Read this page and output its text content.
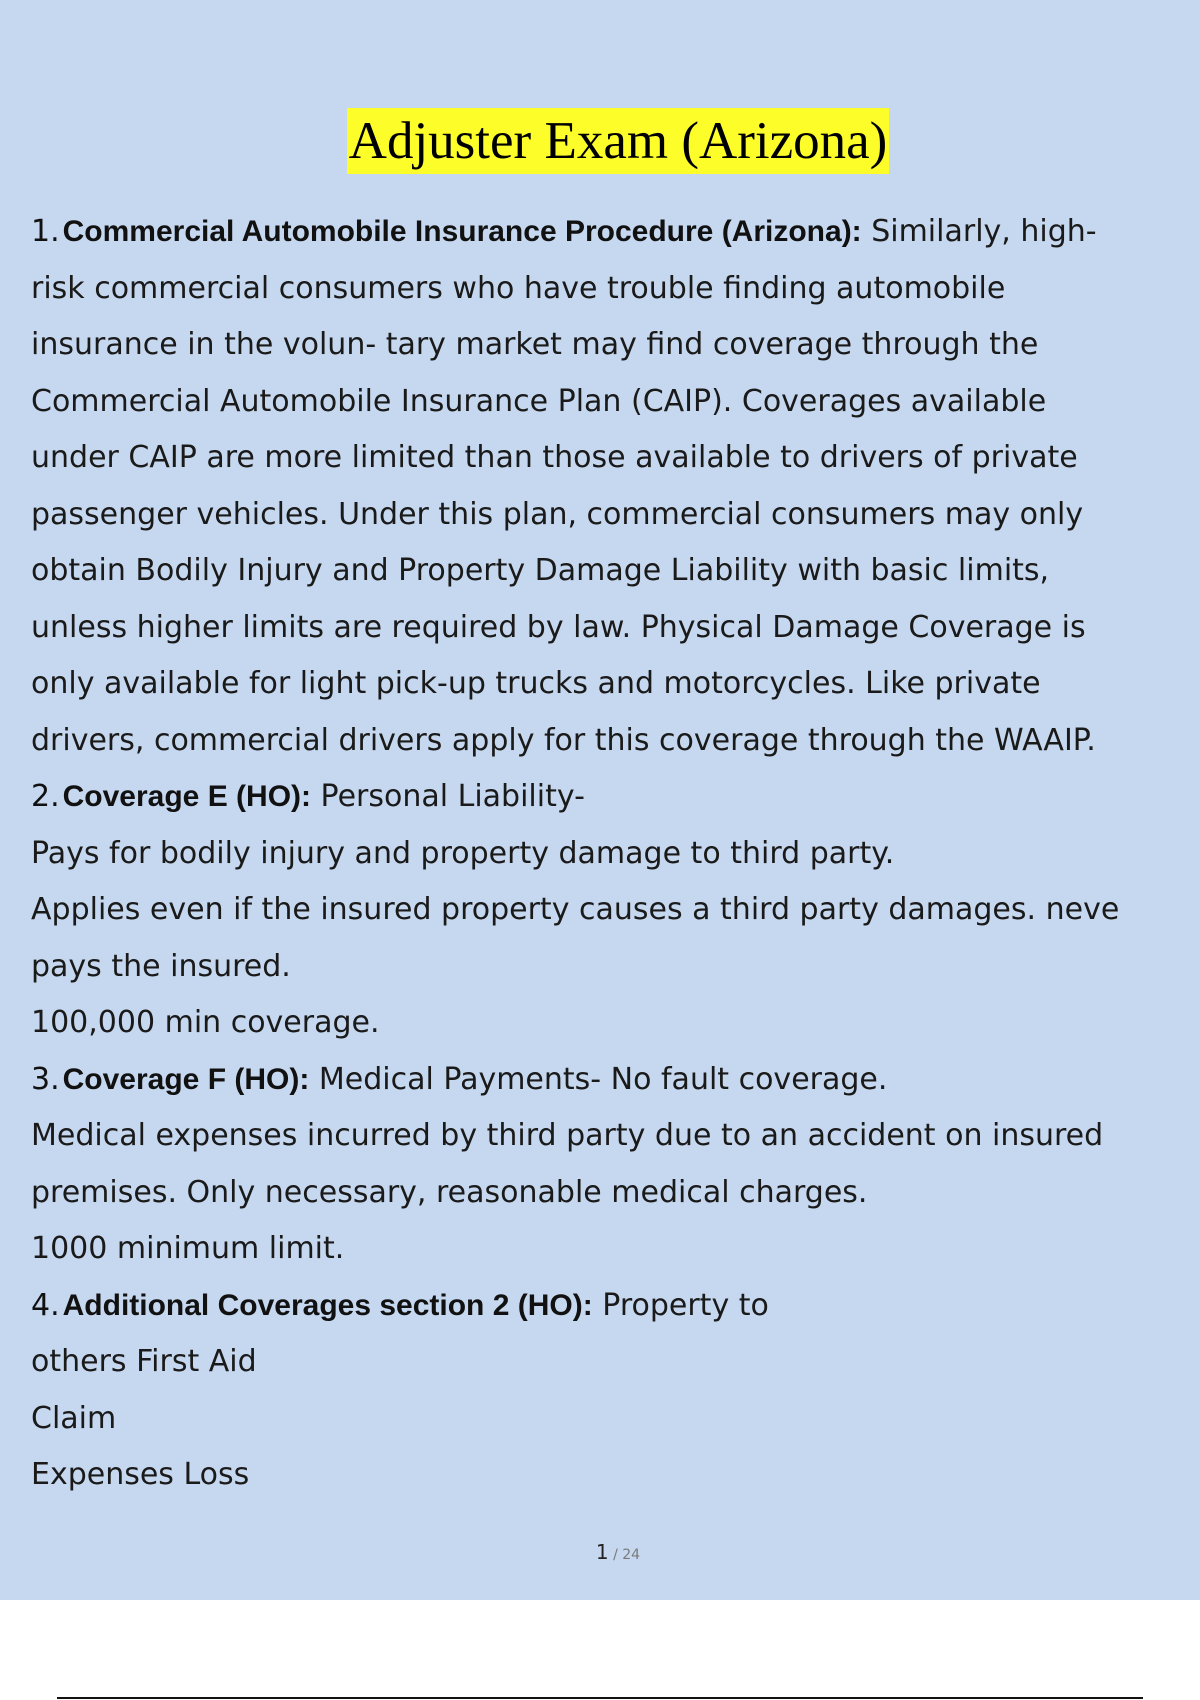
Adjuster Exam (Arizona)
1. Commercial Automobile Insurance Procedure (Arizona): Similarly, high-
risk commercial consumers who have trouble finding automobile
insurance in the volun- tary market may find coverage through the
Commercial Automobile Insurance Plan (CAIP). Coverages available
under CAIP are more limited than those available to drivers of private
passenger vehicles. Under this plan, commercial consumers may only
obtain Bodily Injury and Property Damage Liability with basic limits,
unless higher limits are required by law. Physical Damage Coverage is
only available for light pick-up trucks and motorcycles. Like private
drivers, commercial drivers apply for this coverage through the WAAIP.
2. Coverage E (HO): Personal Liability-
Pays for bodily injury and property damage to third party.
Applies even if the insured property causes a third party damages. neve
pays the insured.
100,000 min coverage.
3. Coverage F (HO): Medical Payments- No fault coverage.
Medical expenses incurred by third party due to an accident on insured
premises. Only necessary, reasonable medical charges.
1000 minimum limit.
4. Additional Coverages section 2 (HO): Property to
others First Aid
Claim
Expenses Loss
1 / 24
